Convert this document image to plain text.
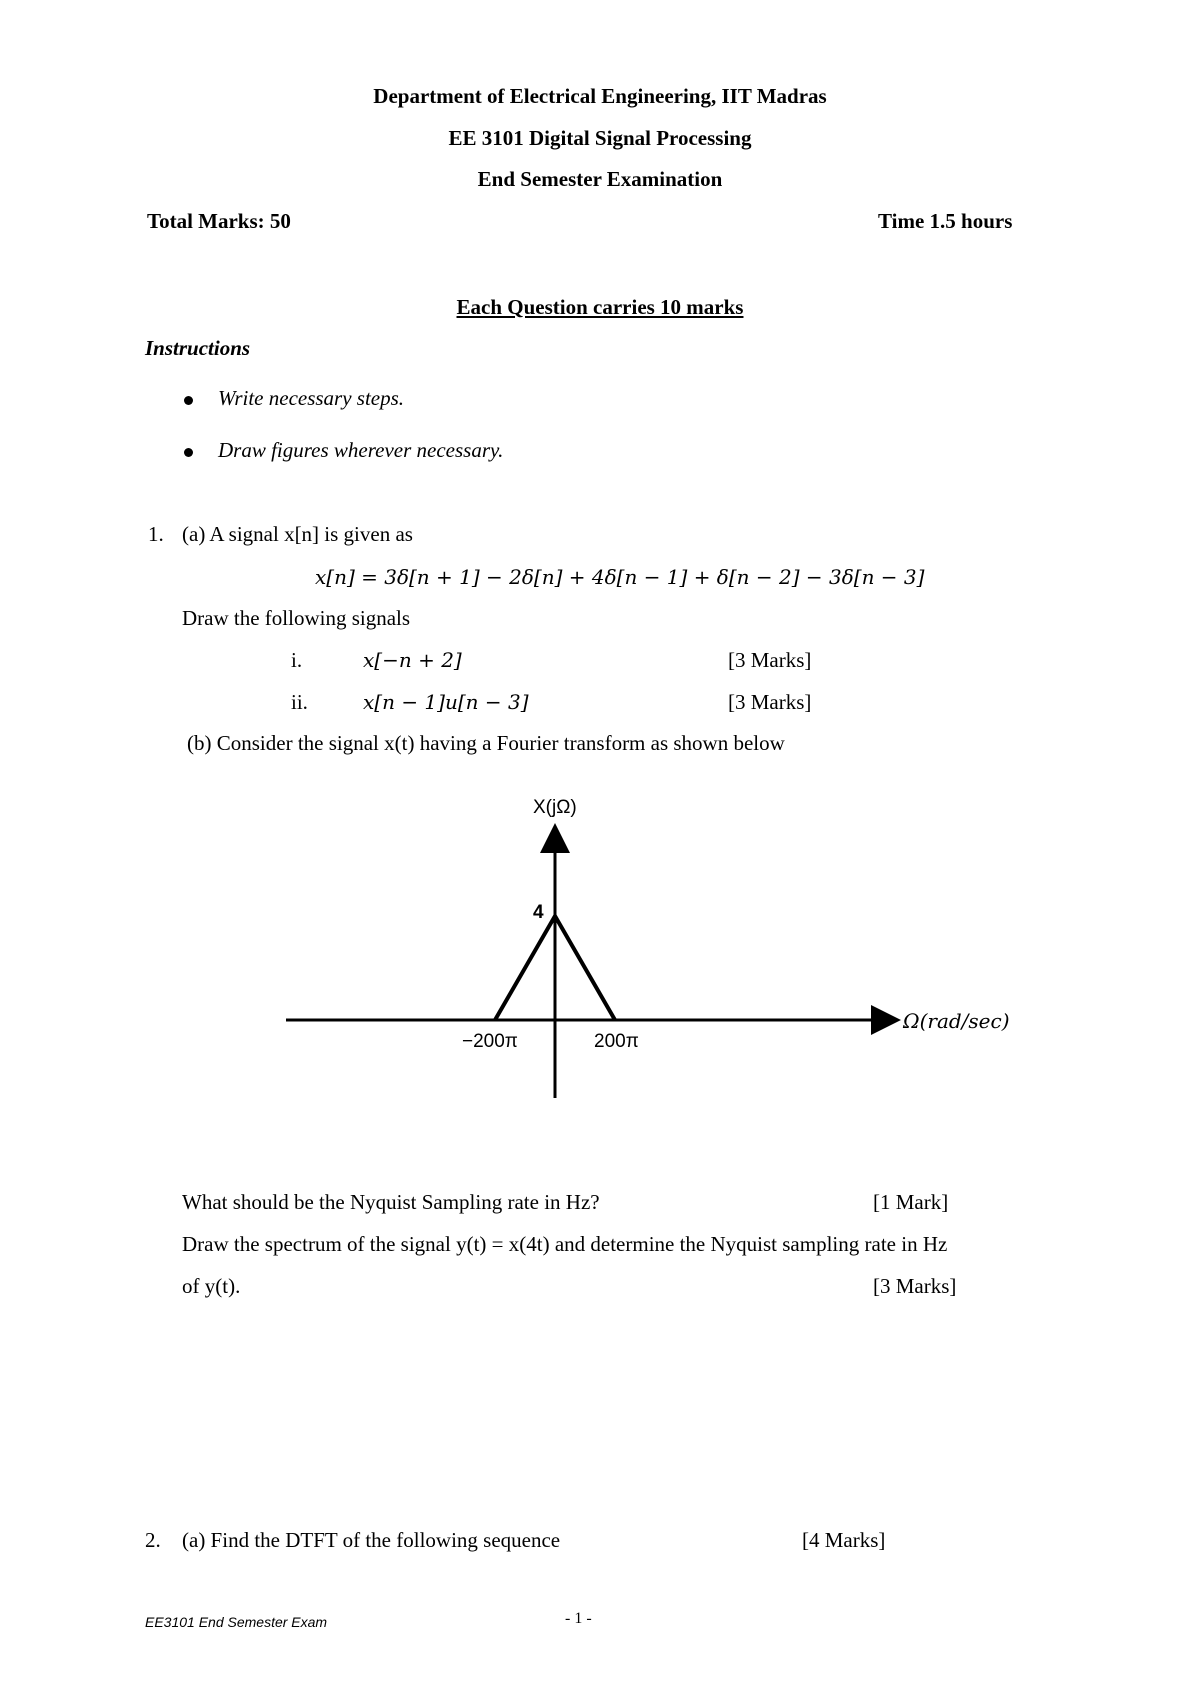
Department of Electrical Engineering, IIT Madras
EE 3101 Digital Signal Processing
End Semester Examination
Total Marks: 50	Time 1.5 hours
Each Question carries 10 marks
Instructions
Write necessary steps.
Draw figures wherever necessary.
1. (a) A signal x[n] is given as
x[n] = 3δ[n + 1] − 2δ[n] + 4δ[n − 1] + δ[n − 2] − 3δ[n − 3]
Draw the following signals
i.	x[−n + 2]	[3 Marks]
ii.	x[n − 1]u[n − 3]	[3 Marks]
(b) Consider the signal x(t) having a Fourier transform as shown below
X(jΩ)
4
−200π	200π
Ω(rad/sec)
What should be the Nyquist Sampling rate in Hz?	[1 Mark]
Draw the spectrum of the signal y(t) = x(4t) and determine the Nyquist sampling rate in Hz
of y(t).	[3 Marks]
2. (a) Find the DTFT of the following sequence	[4 Marks]
EE3101 End Semester Exam	- 1 -
